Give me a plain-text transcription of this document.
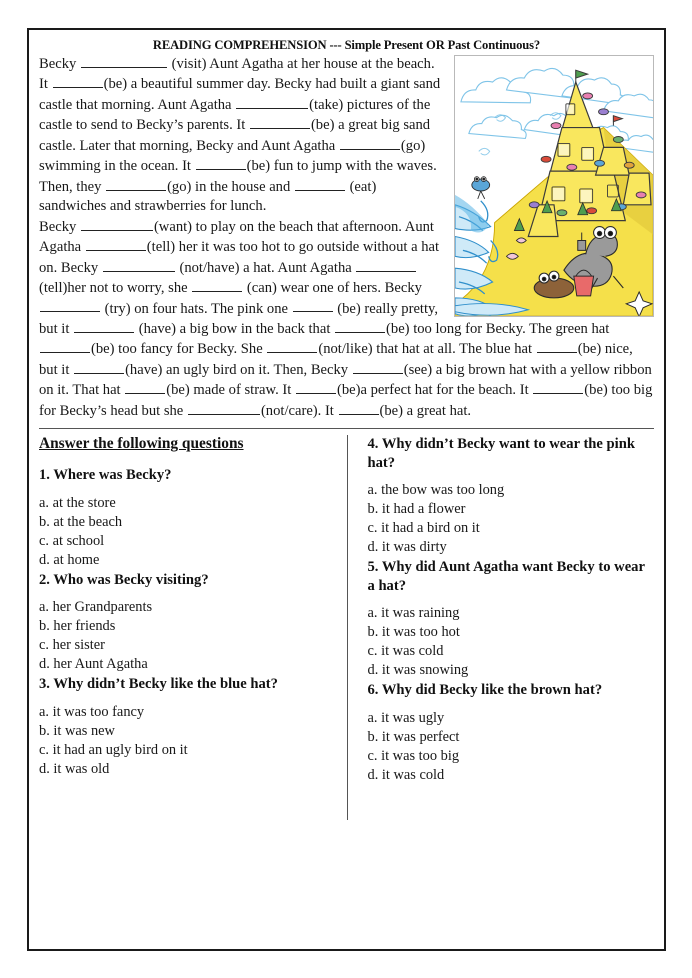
READING COMPREHENSION --- Simple Present OR Past Continuous?

Becky	(visit) Aunt Agatha at her house at the beach. It	(be) a beautiful summer day. Becky had built a giant sand castle that morning. Aunt Agatha	(take) pictures of the castle to send to Becky’s parents. It	(be) a great big sand castle. Later that morning, Becky and Aunt Agatha	(go) swimming in the ocean. It	(be) fun to jump with the waves. Then, they	(go) in the house and	(eat) sandwiches and strawberries for lunch.

Becky	(want) to play on the beach that afternoon. Aunt Agatha	(tell) her it was too hot to go outside without a hat on. Becky	(not/have) a hat. Aunt Agatha (tell)her not to worry, she	(can) wear one of hers. Becky  (try) on four hats. The pink one	(be) really pretty, but it	(have) a big bow in the back that	(be) too long for Becky. The green hat (be) too fancy for Becky. She	(not/like) that hat at all. The blue hat	(be) nice, but it	(have) an ugly bird on it. Then, Becky	(see) a big brown hat with a yellow ribbon on it. That hat	(be) made of straw. It	(be)a perfect hat for the beach. It	(be) too big for Becky’s head but she	(not/care). It	(be) a great hat.

Answer the following questions
1. Where was Becky?
a. at the store
b. at the beach
c. at school
d. at home
2. Who was Becky visiting?
a. her Grandparents
b. her friends
c. her sister
d. her Aunt Agatha
3. Why didn’t Becky like the blue hat?
a. it was too fancy
b. it was new
c. it had an ugly bird on it
d. it was old
4. Why didn’t Becky want to wear the pink hat?
a. the bow was too long
b. it had a flower
c. it had a bird on it
d. it was dirty
5. Why did Aunt Agatha want Becky to wear a hat?
a. it was raining
b. it was too hot
c. it was cold
d. it was snowing
6. Why did Becky like the brown hat?
a. it was ugly
b. it was perfect
c. it was too big
d. it was cold
